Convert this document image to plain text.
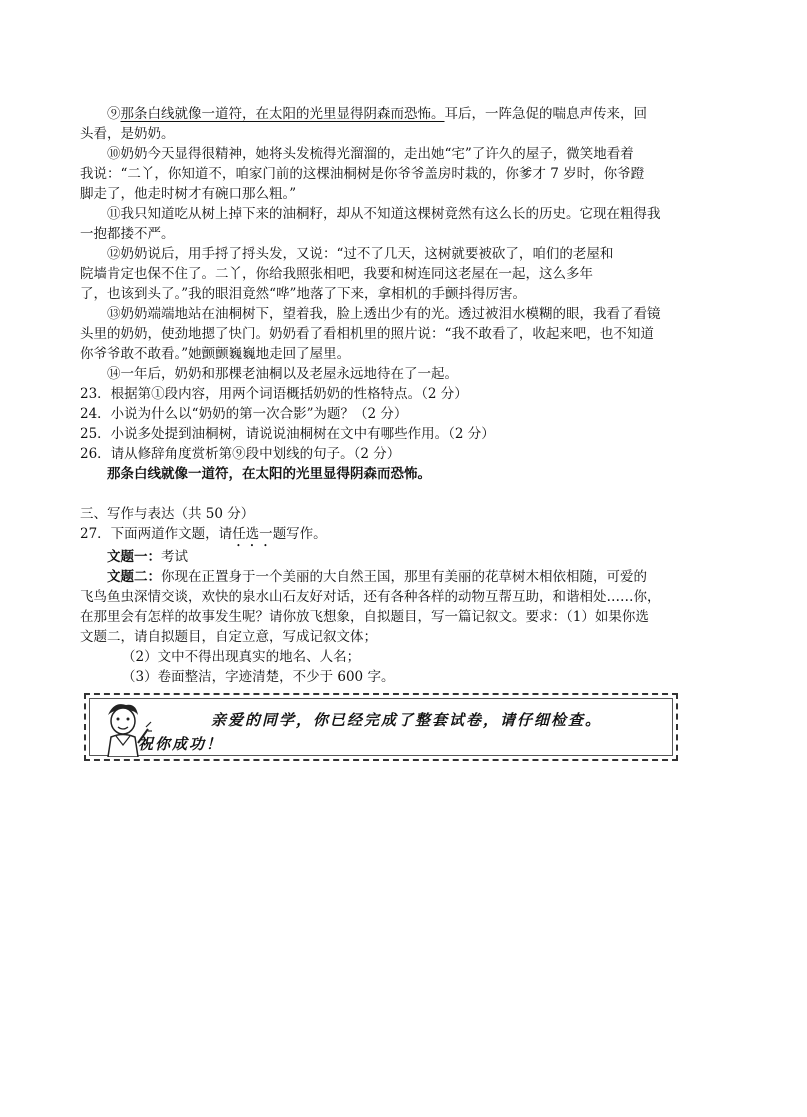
⑨那条白线就像一道符，在太阳的光里显得阴森而恐怖。耳后，一阵急促的喘息声传来，回
头看，是奶奶。
⑩奶奶今天显得很精神，她将头发梳得光溜溜的，走出她“宅”了许久的屋子，微笑地看着
我说：“二丫，你知道不，咱家门前的这棵油桐树是你爷爷盖房时栽的，你爹才 7 岁时，你爷蹬
脚走了，他走时树才有碗口那么粗。”
⑪我只知道吃从树上掉下来的油桐籽，却从不知道这棵树竟然有这么长的历史。它现在粗得我
一抱都搂不严。
⑫奶奶说后，用手捋了捋头发，又说：“过不了几天，这树就要被砍了，咱们的老屋和
院墙肯定也保不住了。二丫，你给我照张相吧，我要和树连同这老屋在一起，这么多年
了，也该到头了。”我的眼泪竟然“哗”地落了下来，拿相机的手颤抖得厉害。
⑬奶奶端端地站在油桐树下，望着我，脸上透出少有的光。透过被泪水模糊的眼，我看了看镜
头里的奶奶，使劲地摁了快门。奶奶看了看相机里的照片说：“我不敢看了，收起来吧，也不知道
你爷爷敢不敢看。”她颤颤巍巍地走回了屋里。
⑭一年后，奶奶和那棵老油桐以及老屋永远地待在了一起。
23．根据第①段内容，用两个词语概括奶奶的性格特点。（2 分）
24．小说为什么以“奶奶的第一次合影”为题？（2 分）
25．小说多处提到油桐树，请说说油桐树在文中有哪些作用。（2 分）
26．请从修辞角度赏析第⑨段中划线的句子。（2 分）
那条白线就像一道符，在太阳的光里显得阴森而恐怖。
三、写作与表达（共 50 分）
27．下面两道作文题，请任选一题写作。
文题一：考试
文题二：你现在正置身于一个美丽的大自然王国，那里有美丽的花草树木相依相随，可爱的
飞鸟鱼虫深情交谈，欢快的泉水山石友好对话，还有各种各样的动物互帮互助，和谐相处……你，
在那里会有怎样的故事发生呢？请你放飞想象，自拟题目，写一篇记叙文。要求：（1）如果你选
文题二，请自拟题目，自定立意，写成记叙文体；
（2）文中不得出现真实的地名、人名；
（3）卷面整洁，字迹清楚，不少于 600 字。
亲爱的同学，你已经完成了整套试卷，请仔细检查。
祝你成功！
